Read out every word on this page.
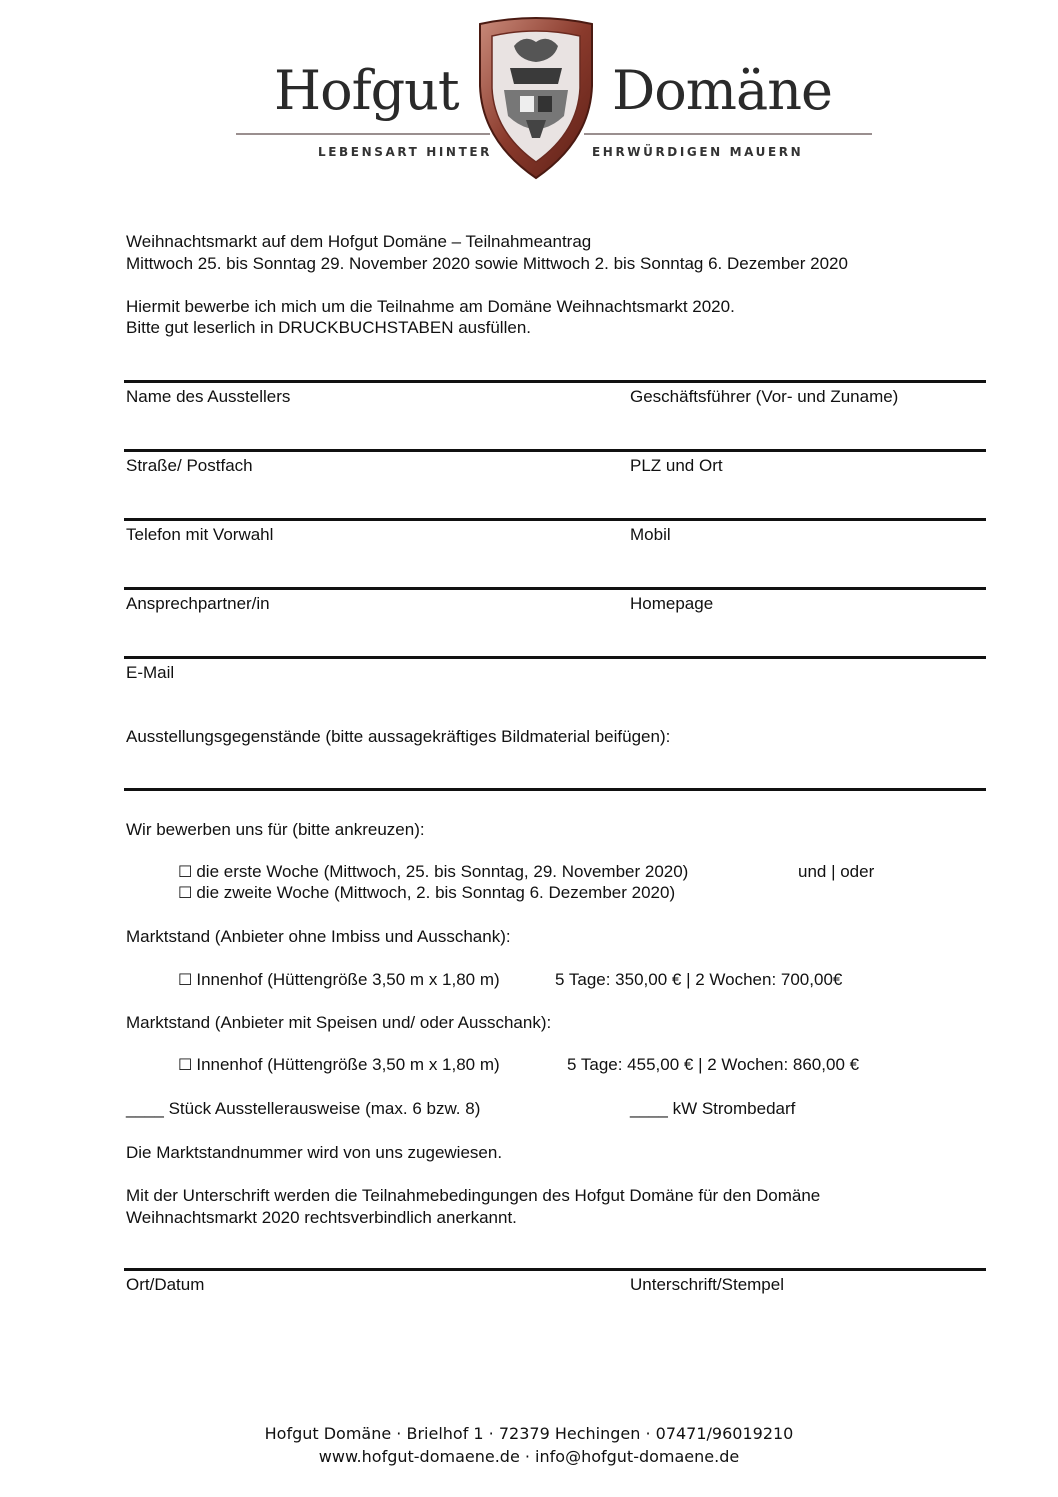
Hofgut	Domäne
LEBENSART HINTER	EHRWÜRDIGEN MAUERN
Weihnachtsmarkt auf dem Hofgut Domäne – Teilnahmeantrag
Mittwoch 25. bis Sonntag 29. November 2020 sowie Mittwoch 2. bis Sonntag 6. Dezember 2020
Hiermit bewerbe ich mich um die Teilnahme am Domäne Weihnachtsmarkt 2020.
Bitte gut leserlich in DRUCKBUCHSTABEN ausfüllen.
Name des Ausstellers	Geschäftsführer (Vor- und Zuname)
Straße/ Postfach	PLZ und Ort
Telefon mit Vorwahl	Mobil
Ansprechpartner/in	Homepage
E-Mail
Ausstellungsgegenstände (bitte aussagekräftiges Bildmaterial beifügen):
Wir bewerben uns für (bitte ankreuzen):
☐ die erste Woche (Mittwoch, 25. bis Sonntag, 29. November 2020)	und | oder
☐ die zweite Woche (Mittwoch, 2. bis Sonntag 6. Dezember 2020)
Marktstand (Anbieter ohne Imbiss und Ausschank):
☐ Innenhof (Hüttengröße 3,50 m x 1,80 m)	5 Tage: 350,00 € | 2 Wochen: 700,00€
Marktstand (Anbieter mit Speisen und/ oder Ausschank):
☐ Innenhof (Hüttengröße 3,50 m x 1,80 m)	5 Tage: 455,00 € | 2 Wochen: 860,00 €
____ Stück Ausstellerausweise (max. 6 bzw. 8)	____ kW Strombedarf
Die Marktstandnummer wird von uns zugewiesen.
Mit der Unterschrift werden die Teilnahmebedingungen des Hofgut Domäne für den Domäne
Weihnachtsmarkt 2020 rechtsverbindlich anerkannt.
Ort/Datum	Unterschrift/Stempel
Hofgut Domäne · Brielhof 1 · 72379 Hechingen · 07471/96019210
www.hofgut-domaene.de · info@hofgut-domaene.de
